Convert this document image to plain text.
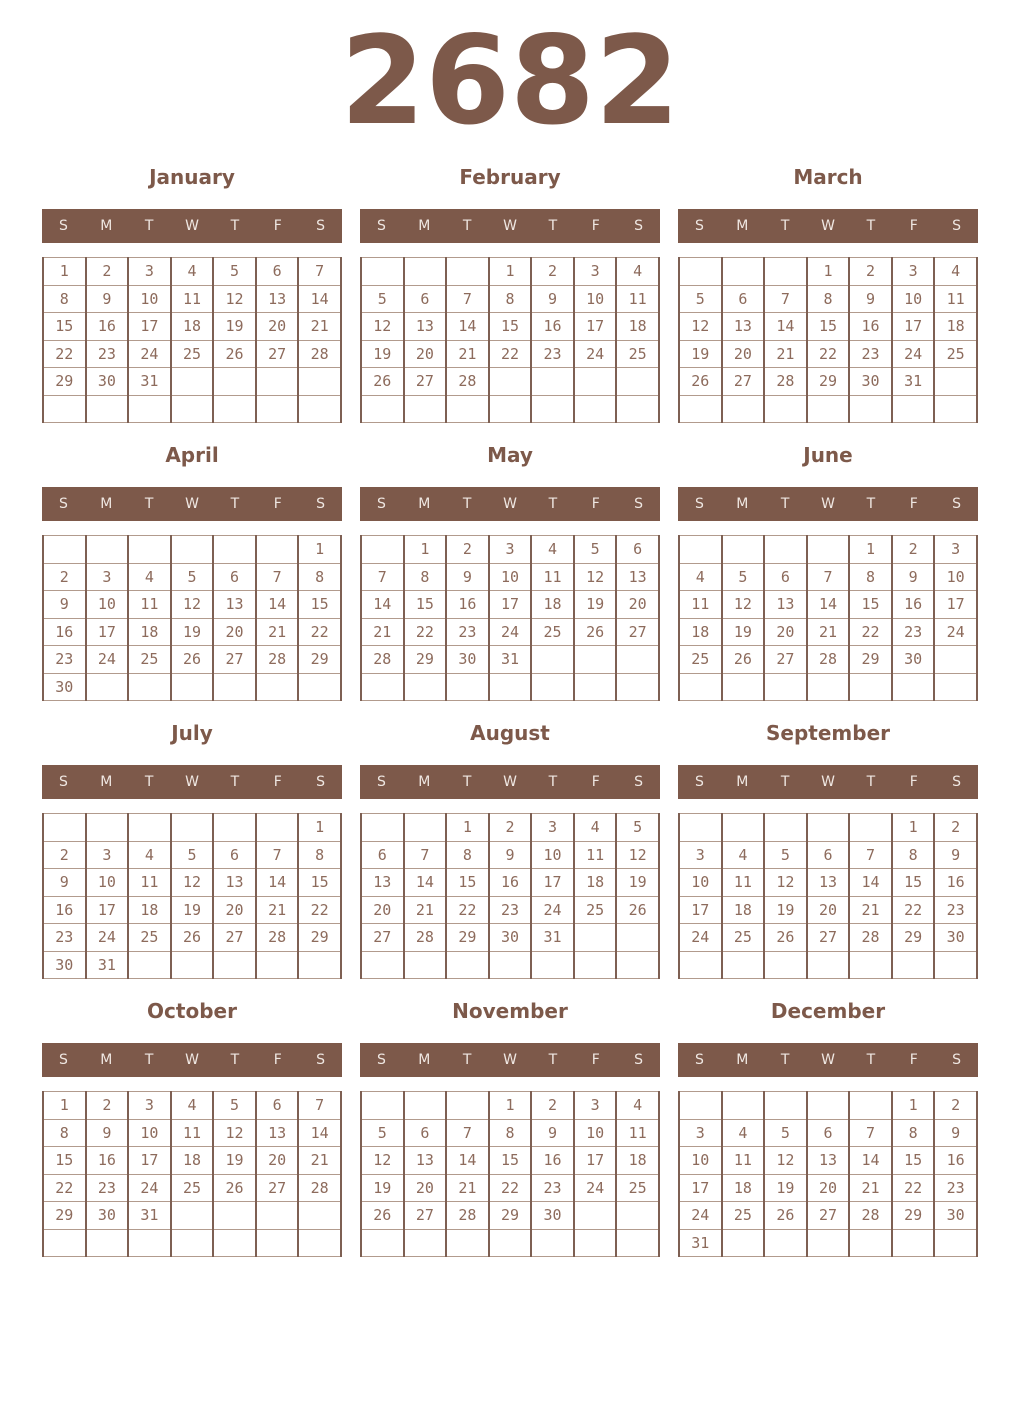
2682
January
S	M	T	W	T	F	S
1	2	3	4	5	6	7
8	9	10	11	12	13	14
15	16	17	18	19	20	21
22	23	24	25	26	27	28
29	30	31				

February
S	M	T	W	T	F	S
			1	2	3	4
5	6	7	8	9	10	11
12	13	14	15	16	17	18
19	20	21	22	23	24	25
26	27	28				

March
S	M	T	W	T	F	S
			1	2	3	4
5	6	7	8	9	10	11
12	13	14	15	16	17	18
19	20	21	22	23	24	25
26	27	28	29	30	31	

April
S	M	T	W	T	F	S
						1
2	3	4	5	6	7	8
9	10	11	12	13	14	15
16	17	18	19	20	21	22
23	24	25	26	27	28	29
30						
May
S	M	T	W	T	F	S
	1	2	3	4	5	6
7	8	9	10	11	12	13
14	15	16	17	18	19	20
21	22	23	24	25	26	27
28	29	30	31			

June
S	M	T	W	T	F	S
				1	2	3
4	5	6	7	8	9	10
11	12	13	14	15	16	17
18	19	20	21	22	23	24
25	26	27	28	29	30	

July
S	M	T	W	T	F	S
						1
2	3	4	5	6	7	8
9	10	11	12	13	14	15
16	17	18	19	20	21	22
23	24	25	26	27	28	29
30	31					
August
S	M	T	W	T	F	S
		1	2	3	4	5
6	7	8	9	10	11	12
13	14	15	16	17	18	19
20	21	22	23	24	25	26
27	28	29	30	31		

September
S	M	T	W	T	F	S
					1	2
3	4	5	6	7	8	9
10	11	12	13	14	15	16
17	18	19	20	21	22	23
24	25	26	27	28	29	30

October
S	M	T	W	T	F	S
1	2	3	4	5	6	7
8	9	10	11	12	13	14
15	16	17	18	19	20	21
22	23	24	25	26	27	28
29	30	31				

November
S	M	T	W	T	F	S
			1	2	3	4
5	6	7	8	9	10	11
12	13	14	15	16	17	18
19	20	21	22	23	24	25
26	27	28	29	30		

December
S	M	T	W	T	F	S
					1	2
3	4	5	6	7	8	9
10	11	12	13	14	15	16
17	18	19	20	21	22	23
24	25	26	27	28	29	30
31						
